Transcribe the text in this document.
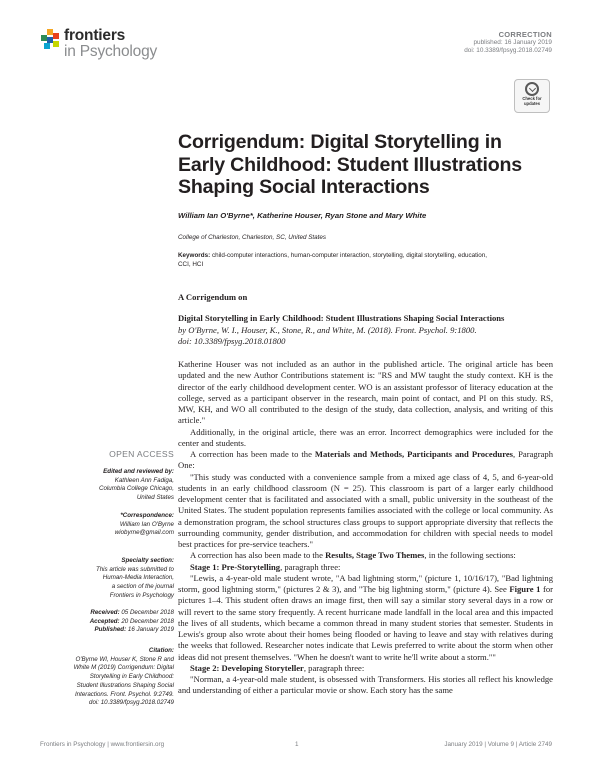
frontiers
in Psychology
CORRECTION
published: 16 January 2019
doi: 10.3389/fpsyg.2018.02749
Check for
updates
Corrigendum: Digital Storytelling in
Early Childhood: Student Illustrations
Shaping Social Interactions
William Ian O'Byrne*, Katherine Houser, Ryan Stone and Mary White
College of Charleston, Charleston, SC, United States
Keywords: child-computer interactions, human-computer interaction, storytelling, digital storytelling, education,
CCI, HCI
A Corrigendum on
Digital Storytelling in Early Childhood: Student Illustrations Shaping Social Interactions
by O'Byrne, W. I., Houser, K., Stone, R., and White, M. (2018). Front. Psychol. 9:1800.
doi: 10.3389/fpsyg.2018.01800

Katherine Houser was not included as an author in the published article. The original article has been updated and the new Author Contributions statement is: "RS and MW taught the study context. KH is the director of the early childhood development center. WO is an assistant professor of literacy education at the college, served as a participant observer in the research, main point of contact, and PI on this study. RS, MW, KH, and WO all contributed to the design of the study, data collection, analysis, and writing of this article."

Additionally, in the original article, there was an error. Incorrect demographics were included for the center and students.

A correction has been made to the Materials and Methods, Participants and Procedures, Paragraph One:

"This study was conducted with a convenience sample from a mixed age class of 4, 5, and 6-year-old students in an early childhood classroom (N = 25). This classroom is part of a larger early childhood development center that is facilitated and associated with a small, public university in the southeast of the United States. The student population represents families associated with the college or local community. As a demonstration program, the school structures class groups to support appropriate diversity that reflects the surrounding community, gender distribution, and accommodation for children with special needs to model best practices for pre-service teachers."

A correction has also been made to the Results, Stage Two Themes, in the following sections:

Stage 1: Pre-Storytelling, paragraph three:

"Lewis, a 4-year-old male student wrote, "A bad lightning storm," (picture 1, 10/16/17), "Bad lightning storm, good lightning storm," (pictures 2 & 3), and "The big lightning storm," (picture 4). See Figure 1 for pictures 1–4. This student often draws an image first, then will say a similar story several days in a row or will revert to the same story frequently. A recent hurricane made landfall in the local area and this impacted the lives of all students, which became a common thread in many student stories that semester. Students in Lewis's group also wrote about their homes being flooded or having to leave and stay with relatives during the weeks that followed. Researcher notes indicate that Lewis preferred to write about the storm when other ideas did not present themselves. "When he doesn't want to write he'll write about a storm.""

Stage 2: Developing Storyteller, paragraph three:

"Norman, a 4-year-old male student, is obsessed with Transformers. His stories all reflect his knowledge and understanding of either a particular movie or show. Each story has the same

OPEN ACCESS
Edited and reviewed by:
Kathleen Ann Fadiga,
Columbia College Chicago,
United States
*Correspondence:
William Ian O'Byrne
wiobyrne@gmail.com
Specialty section:
This article was submitted to
Human-Media Interaction,
a section of the journal
Frontiers in Psychology
Received: 05 December 2018
Accepted: 20 December 2018
Published: 16 January 2019
Citation:
O'Byrne WI, Houser K, Stone R and
White M (2019) Corrigendum: Digital
Storytelling in Early Childhood:
Student Illustrations Shaping Social
Interactions. Front. Psychol. 9:2749.
doi: 10.3389/fpsyg.2018.02749
Frontiers in Psychology | www.frontiersin.org	1	January 2019 | Volume 9 | Article 2749
